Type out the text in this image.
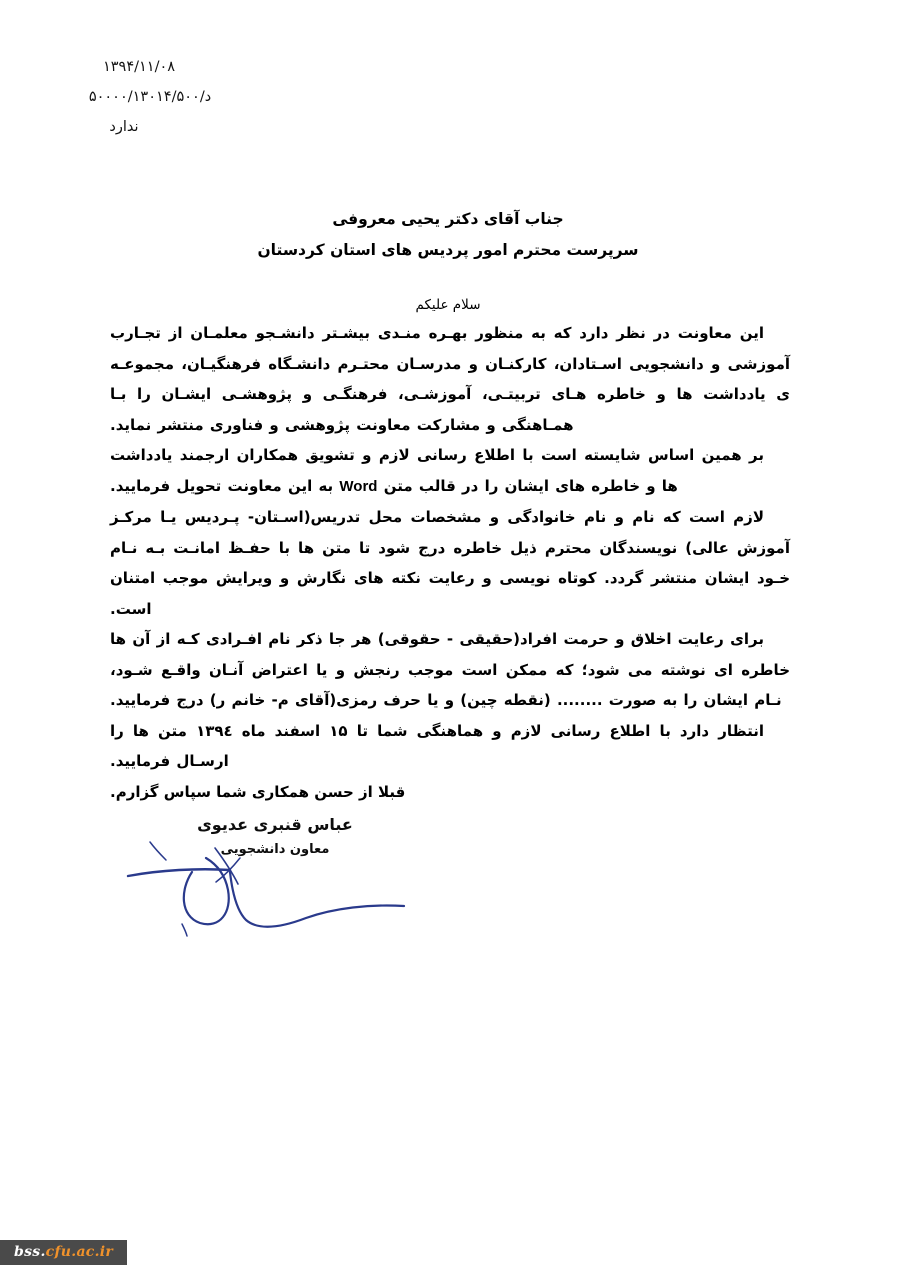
۱۳۹۴/۱۱/۰۸
د/۵۰۰۰۰/۱۳۰۱۴/۵۰۰
ندارد
جناب آقای دکتر یحیی معروفی
سرپرست محترم امور پردیس های استان کردستان
سلام علیکم

این معاونت در نظر دارد که به منظور بهـره منـدی بیشـتر دانشـجو معلمـان از تجـارب آموزشی و دانشجویی اسـتادان، کارکنـان و مدرسـان محتـرم دانشـگاه فرهنگیـان، مجموعـه ی یادداشت ها و خاطره هـای تربیتـی، آموزشـی، فرهنگـی و پژوهشـی ایشـان را بـا همـاهنگی و مشارکت معاونت پژوهشی و فناوری منتشر نماید.

بر همین اساس شایسته است با اطلاع رسانی لازم و تشویق همکاران ارجمند یادداشت ها و خاطره های ایشان را در قالب متن Word به این معاونت تحویل فرمایید.

لازم است که نام و نام خانوادگی و مشخصات محل تدریس(اسـتان- پـردیس یـا مرکـز آموزش عالی) نویسندگان محترم ذیل خاطره درج شود تا متن ها با حفـظ امانـت بـه نـام خـود ایشان منتشر گردد. کوتاه نویسی و رعایت نکته های نگارش و ویرایش موجب امتنان است.

برای رعایت اخلاق و حرمت افراد(حقیقی - حقوقی) هر جا ذکر نام افـرادی کـه از آن ها خاطره ای نوشته می شود؛ که ممکن است موجب رنجش و یا اعتراض آنـان واقـع شـود، نـام ایشان را به صورت ........ (نقطه چین) و یا حرف رمزی(آقای م- خانم ر) درج فرمایید.

انتظار دارد با اطلاع رسانی لازم و هماهنگی شما تا ۱۵ اسفند ماه ۱۳۹٤ متن ها را ارسـال فرمایید.

قبلا از حسن همکاری شما سپاس گزارم.

عباس قنبری عدیوی
معاون دانشجویی
bss.cfu.ac.ir
